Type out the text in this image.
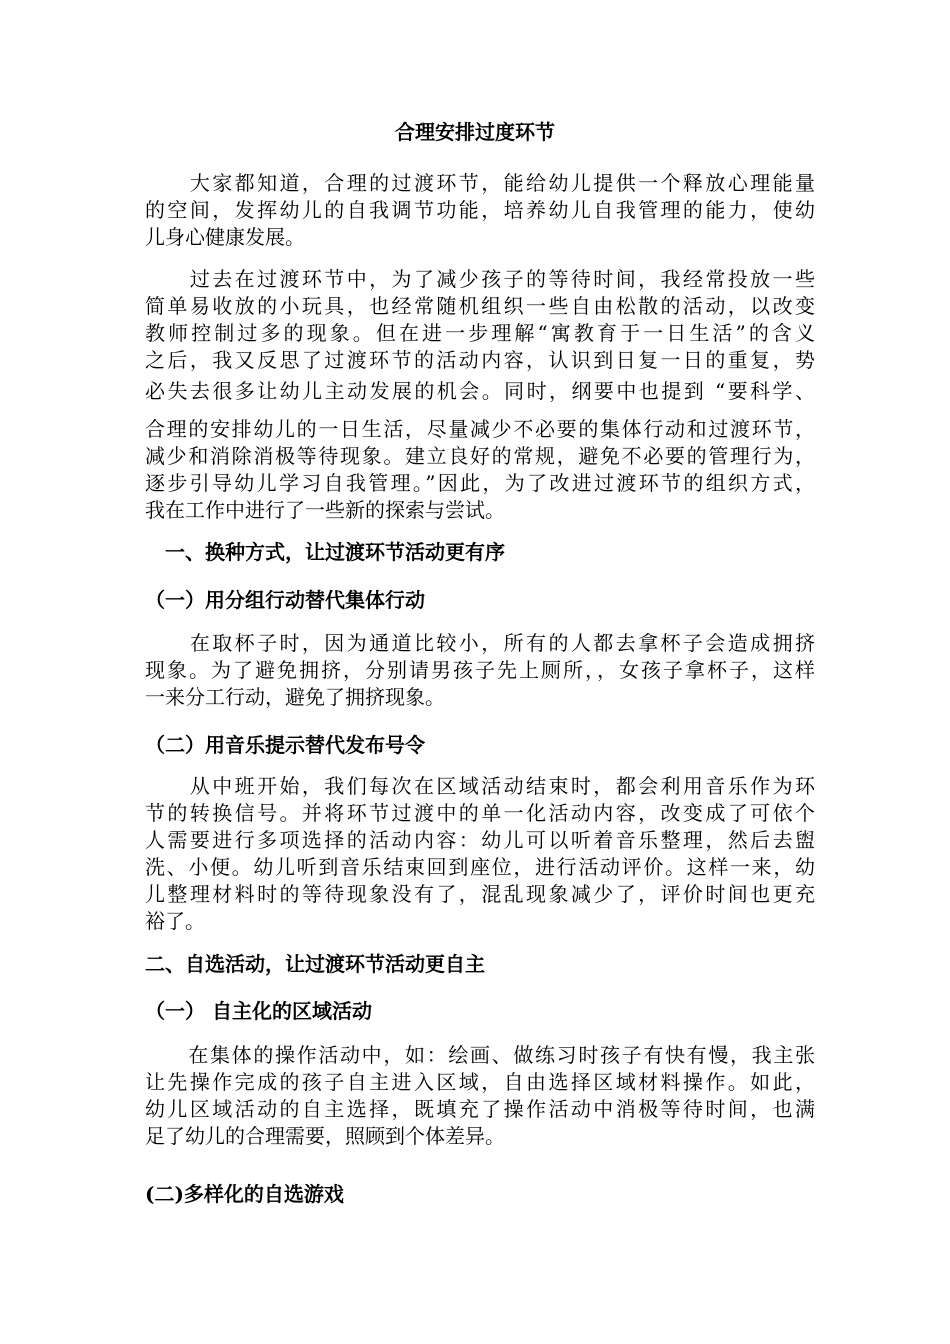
合理安排过度环节
　　大家都知道，合理的过渡环节，能给幼儿提供一个释放心理能量
的空间，发挥幼儿的自我调节功能，培养幼儿自我管理的能力，使幼
儿身心健康发展。
　　过去在过渡环节中，为了减少孩子的等待时间，我经常投放一些
简单易收放的小玩具，也经常随机组织一些自由松散的活动，以改变
教师控制过多的现象。但在进一步理解“寓教育于一日生活”的含义
之后，我又反思了过渡环节的活动内容，认识到日复一日的重复，势
必失去很多让幼儿主动发展的机会。同时，纲要中也提到 “要科学、
合理的安排幼儿的一日生活，尽量减少不必要的集体行动和过渡环节，
减少和消除消极等待现象。建立良好的常规，避免不必要的管理行为，
逐步引导幼儿学习自我管理。”因此，为了改进过渡环节的组织方式，
我在工作中进行了一些新的探索与尝试。
一、换种方式，让过渡环节活动更有序
（一）用分组行动替代集体行动
　　在取杯子时，因为通道比较小，所有的人都去拿杯子会造成拥挤
现象。为了避免拥挤，分别请男孩子先上厕所，，女孩子拿杯子，这样
一来分工行动，避免了拥挤现象。
（二）用音乐提示替代发布号令
　　从中班开始，我们每次在区域活动结束时，都会利用音乐作为环
节的转换信号。并将环节过渡中的单一化活动内容，改变成了可依个
人需要进行多项选择的活动内容：幼儿可以听着音乐整理，然后去盥
洗、小便。幼儿听到音乐结束回到座位，进行活动评价。这样一来，幼
儿整理材料时的等待现象没有了，混乱现象减少了，评价时间也更充
裕了。
二、自选活动，让过渡环节活动更自主
（一） 自主化的区域活动
　　在集体的操作活动中，如：绘画、做练习时孩子有快有慢，我主张
让先操作完成的孩子自主进入区域，自由选择区域材料操作。如此，
幼儿区域活动的自主选择，既填充了操作活动中消极等待时间，也满
足了幼儿的合理需要，照顾到个体差异。
(二)多样化的自选游戏
